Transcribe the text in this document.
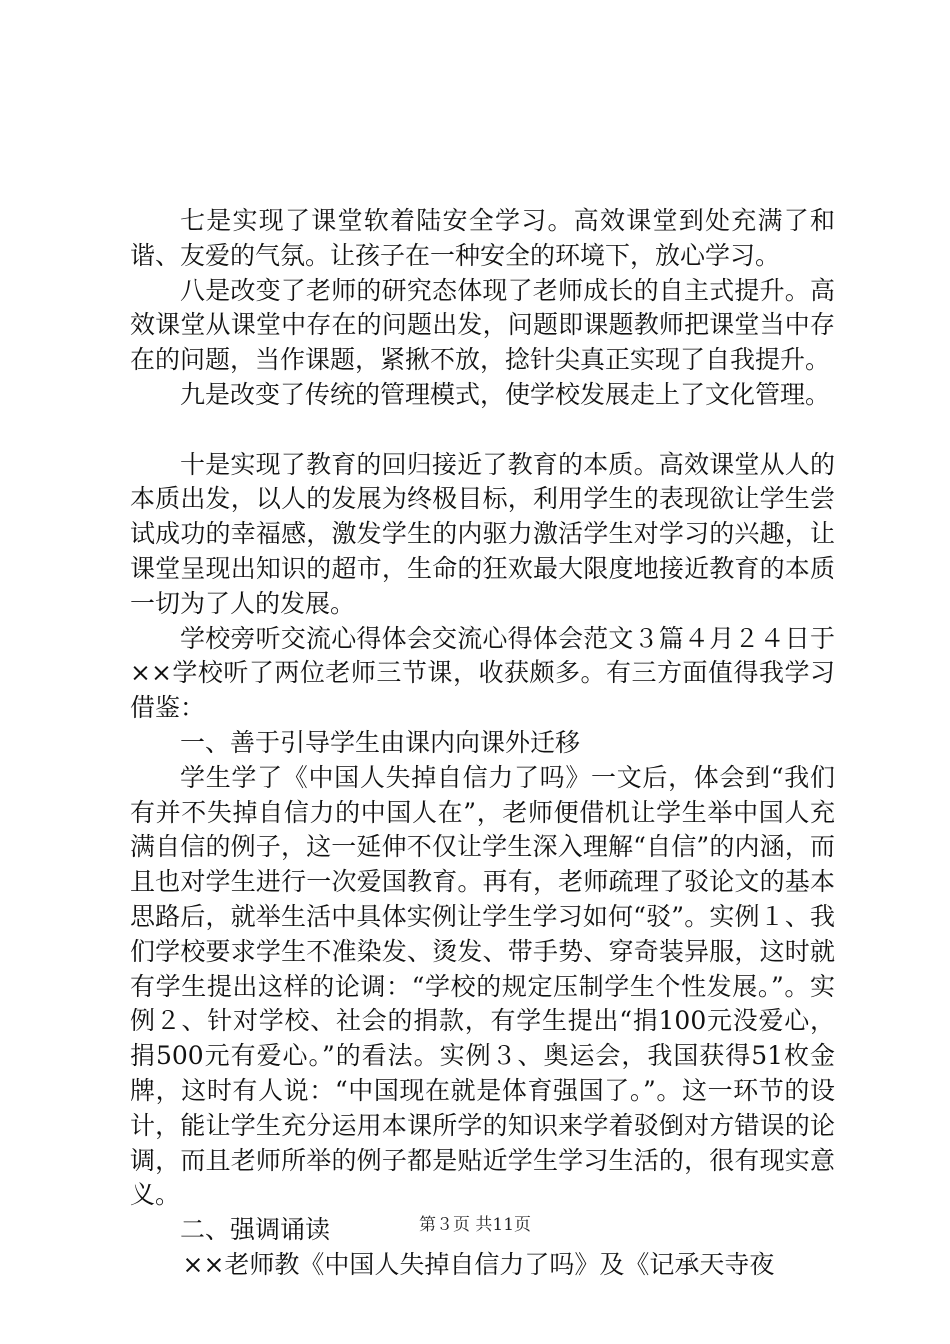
七是实现了课堂软着陆安全学习。高效课堂到处充满了和谐、友爱的气氛。让孩子在一种安全的环境下，放心学习。

八是改变了老师的研究态体现了老师成长的自主式提升。高效课堂从课堂中存在的问题出发，问题即课题教师把课堂当中存在的问题，当作课题，紧揪不放，捻针尖真正实现了自我提升。

九是改变了传统的管理模式，使学校发展走上了文化管理。

十是实现了教育的回归接近了教育的本质。高效课堂从人的本质出发，以人的发展为终极目标，利用学生的表现欲让学生尝试成功的幸福感，激发学生的内驱力激活学生对学习的兴趣，让课堂呈现出知识的超市，生命的狂欢最大限度地接近教育的本质一切为了人的发展。

学校旁听交流心得体会交流心得体会范文３篇４月２４日于××学校听了两位老师三节课，收获颇多。有三方面值得我学习借鉴：

一、善于引导学生由课内向课外迁移

学生学了《中国人失掉自信力了吗》一文后，体会到“我们有并不失掉自信力的中国人在”，老师便借机让学生举中国人充满自信的例子，这一延伸不仅让学生深入理解“自信”的内涵，而且也对学生进行一次爱国教育。再有，老师疏理了驳论文的基本思路后，就举生活中具体实例让学生学习如何“驳”。实例１、我们学校要求学生不准染发、烫发、带手势、穿奇装异服，这时就有学生提出这样的论调：“学校的规定压制学生个性发展。”。实例２、针对学校、社会的捐款，有学生提出“捐100元没爱心，捐500元有爱心。”的看法。实例３、奥运会，我国获得51枚金牌，这时有人说：“中国现在就是体育强国了。”。这一环节的设计，能让学生充分运用本课所学的知识来学着驳倒对方错误的论调，而且老师所举的例子都是贴近学生学习生活的，很有现实意义。

二、强调诵读

××老师教《中国人失掉自信力了吗》及《记承天寺夜

第３页 共11页
